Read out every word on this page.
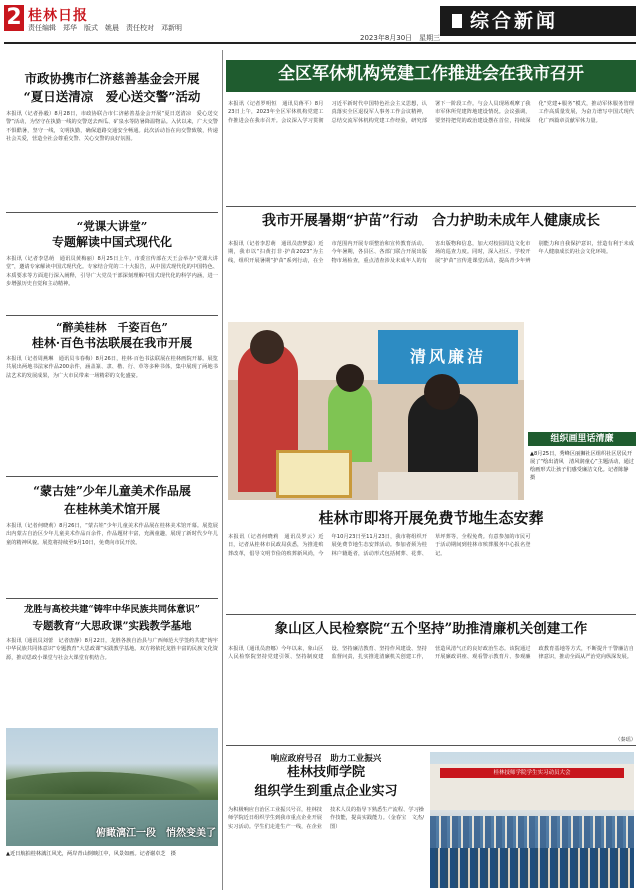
2 桂林日报
责任编辑　郑华　版式　姚晨　责任校对　邓新明
2023年8月30日　星期三
综合新闻
市政协携市仁济慈善基金会开展
“夏日送清凉　爱心送交警”活动
本报讯（记者孙毅）8月28日，市政协联合市仁济慈善基金会开展“夏日送清凉　爱心送交警”活动，为坚守在执勤一线的交警送去西瓜、矿泉水等防暑降温物品。入伏以来，广大交警不惧酷暑，坚守一线，文明执勤，确保道路交通安全畅通。此次活动旨在向交警致敬，传递社会关爱，营造全社会尊重交警、关心交警的良好氛围。
“党课大讲堂”
专题解读中国式现代化
本报讯（记者李思萌　通讯员黄梅丽）8月25日上午，市委宣传部在天王会举办“党课大讲堂”，邀请专家解读中国式现代化。专家结合党的二十大报告，从中国式现代化的中国特色、本质要求等方面进行深入阐释，引导广大党员干部深刻理解中国式现代化的科学内涵，进一步增强历史自觉和主动精神。
“醉美桂林　千姿百色”
桂林·百色书法联展在我市开展
本报讯（记者周燕琳　通讯员韦春梅）8月26日，桂林·百色书法联展在桂林画院开幕。展览共展出两地书法家作品200余件，涵盖篆、隶、楷、行、草等多种书体，集中展现了两地书法艺术的发展成果，为广大市民带来一场精彩的文化盛宴。
“蒙古娃”少年儿童美术作品展
在桂林美术馆开展
本报讯（记者何晓莉）8月26日，“蒙古娃”少年儿童美术作品展在桂林美术馆开幕。展览展出内蒙古自治区少年儿童美术作品百余件，作品题材丰富，充满童趣，展现了新时代少年儿童的精神风貌。展览将持续至9月10日，免费向市民开放。
龙胜与高校共建“铸牢中华民族共同体意识”
专题教育“大思政课”实践教学基地
本报讯（通讯员刘蕾　记者唐静）8月22日，龙胜各族自治县与广西师范大学签约共建“铸牢中华民族共同体意识”专题教育“大思政课”实践教学基地。双方将依托龙胜丰富的民族文化资源，推动思政小课堂与社会大课堂有机结合。
俯瞰漓江一段　悄然变美了
▲近日航拍桂林漓江风光，两岸青山倒映江中，风景如画。记者谢卓芝　摄
全区军休机构党建工作推进会在我市召开
本报讯（记者罗明恒　通讯员蒋平）8月23日上午，2023年全区军休机构党建工作推进会在我市召开。会议深入学习贯彻习近平新时代中国特色社会主义思想，认真落实全区退役军人事务工作会议精神，总结交流军休机构党建工作经验，研究部署下一阶段工作。与会人员现场观摩了我市军休所党建阵地建设情况。会议强调，要坚持把党的政治建设摆在首位，持续深化“党建+服务”模式，推动军休服务管理工作高质量发展，为奋力谱写中国式现代化广西篇章贡献军休力量。
我市开展暑期“护苗”行动　合力护助未成年人健康成长
本报讯（记者李思萌　通讯员唐梦蕊）近期，我市以“扫黄打非·护苗2023”为主线，组织开展暑期“护苗”系列行动，在全市范围内开展专项整治和宣传教育活动。今年暑期，各县区、各部门联合开展出版物市场检查，重点清查涉及未成年人的有害出版物和信息，加大对校园周边文化市场的巡查力度。同时，深入社区、学校开展“护苗”宣传进课堂活动，提高青少年辨别能力和自我保护意识，营造有利于未成年人健康成长的社会文化环境。
清风廉洁
组织画里话清廉
▲8月25日，秀峰区丽狮社区组织社区居民开展了“绘出清风　清风润童心”主题活动，通过绘画形式让孩子们感受廉洁文化。记者陈静　摄
桂林市即将开展免费节地生态安葬
本报讯（记者何晓莉　通讯员罗云）近日，记者从桂林市民政局获悉，为推进殡葬改革，倡导文明节俭的殡葬新风尚，今年10月23日至11月23日，我市将组织开展免费节地生态安葬活动。参加者须为桂林户籍逝者，活动形式包括树葬、花葬、草坪葬等，全程免费。有意参加的市民可于活动期间到桂林市殡葬服务中心报名登记。
象山区人民检察院“五个坚持”助推清廉机关创建工作
本报讯（通讯员唐娜）今年以来，象山区人民检察院坚持党建引领、坚持制度建设、坚持廉洁教育、坚持作风建设、坚持监督问责，扎实推进清廉机关创建工作，营造风清气正的良好政治生态。该院通过开展廉政讲座、观看警示教育片、参观廉政教育基地等方式，不断提升干警廉洁自律意识，推动全面从严治党向纵深发展。
响应政府号召　助力工业振兴
桂林技师学院
组织学生到重点企业实习
为积极响应自治区工业振兴号召，桂林技师学院近日组织学生到我市重点企业开展实习活动。学生们走进生产一线，在企业技术人员的指导下熟悉生产流程、学习操作技能，提高实践能力。（金春宝　文杰/图）
桂林技师学院学生实习动员大会
（秦瑶）
